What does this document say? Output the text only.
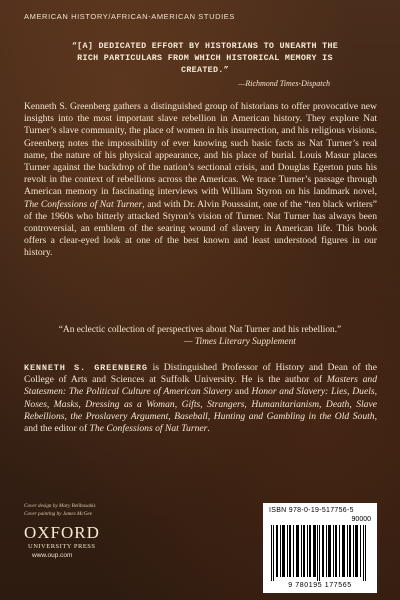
AMERICAN HISTORY/AFRICAN-AMERICAN STUDIES
“[A] DEDICATED EFFORT BY HISTORIANS TO UNEARTH THE RICH PARTICULARS FROM WHICH HISTORICAL MEMORY IS CREATED.”
—Richmond Times-Dispatch
Kenneth S. Greenberg gathers a distinguished group of historians to offer provocative new insights into the most important slave rebellion in American history. They explore Nat Turner’s slave community, the place of women in his insurrection, and his religious visions. Greenberg notes the impossibility of ever knowing such basic facts as Nat Turner’s real name, the nature of his physical appearance, and his place of burial. Louis Masur places Turner against the backdrop of the nation’s sectional crisis, and Douglas Egerton puts his revolt in the context of rebellions across the Americas. We trace Turner’s passage through American memory in fascinating interviews with William Styron on his landmark novel, The Confessions of Nat Turner, and with Dr. Alvin Poussaint, one of the “ten black writers” of the 1960s who bitterly attacked Styron’s vision of Turner. Nat Turner has always been controversial, an emblem of the searing wound of slavery in American life. This book offers a clear-eyed look at one of the best known and least understood figures in our history.
“An eclectic collection of perspectives about Nat Turner and his rebellion.”
— Times Literary Supplement
KENNETH S. GREENBERG is Distinguished Professor of History and Dean of the College of Arts and Sciences at Suffolk University. He is the author of Masters and Statesmen: The Political Culture of American Slavery and Honor and Slavery: Lies, Duels, Noses, Masks, Dressing as a Woman, Gifts, Strangers, Humanitarianism, Death, Slave Rebellions, the Proslavery Argument, Baseball, Hunting and Gambling in the Old South, and the editor of The Confessions of Nat Turner.
Cover design by Mary Belibasakis
Cover painting by James McGee
OXFORD
UNIVERSITY PRESS
www.oup.com
ISBN 978-0-19-517756-5
90000
9 780195 177565
